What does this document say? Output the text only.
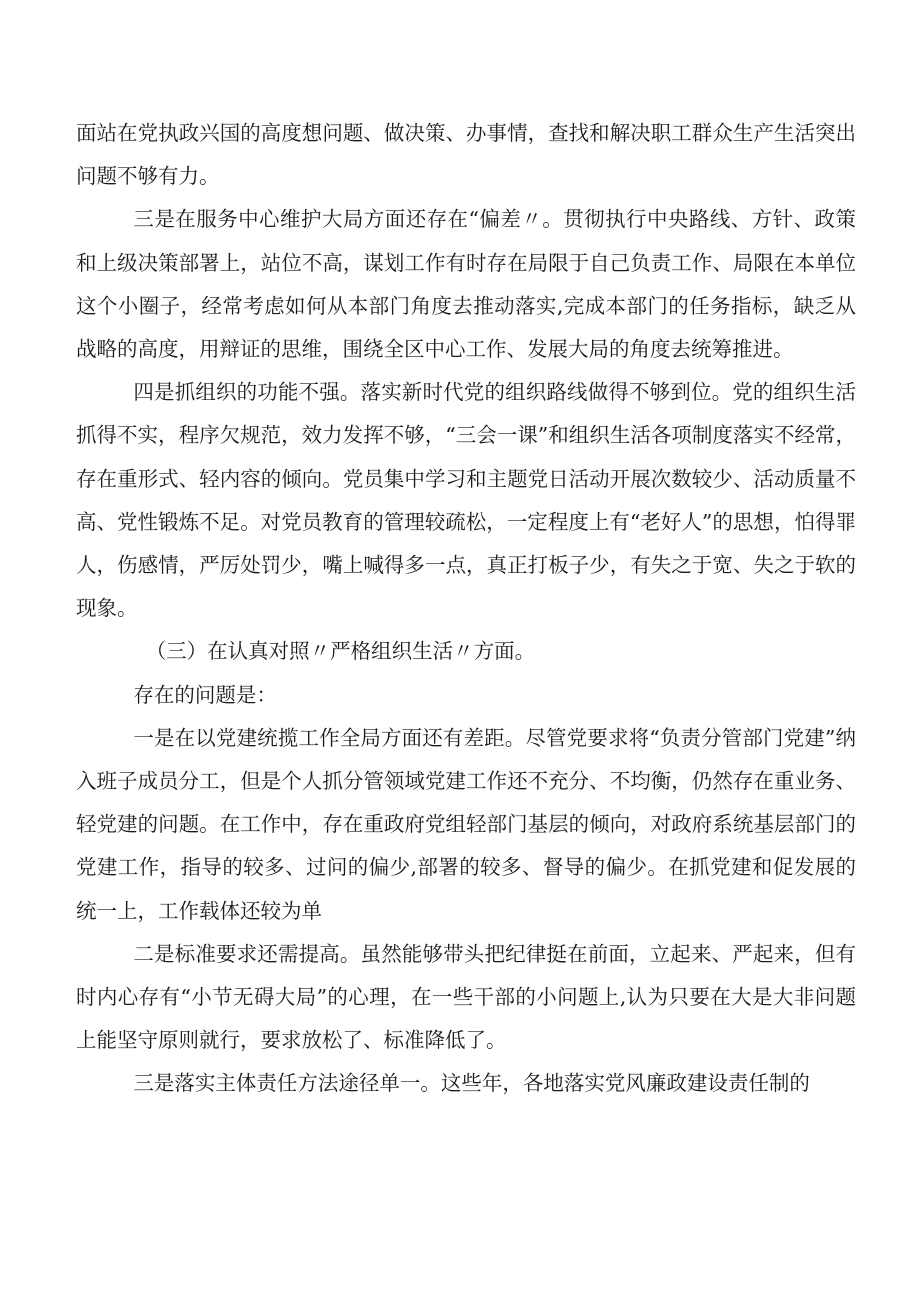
面站在党执政兴国的高度想问题、做决策、办事情，查找和解决职工群众生产生活突出问题不够有力。

三是在服务中心维护大局方面还存在“偏差〃。贯彻执行中央路线、方针、政策和上级决策部署上，站位不高，谋划工作有时存在局限于自己负责工作、局限在本单位这个小圈子，经常考虑如何从本部门角度去推动落实,完成本部门的任务指标，缺乏从战略的高度，用辩证的思维，围绕全区中心工作、发展大局的角度去统筹推进。

四是抓组织的功能不强。落实新时代党的组织路线做得不够到位。党的组织生活抓得不实，程序欠规范，效力发挥不够，“三会一课”和组织生活各项制度落实不经常，存在重形式、轻内容的倾向。党员集中学习和主题党日活动开展次数较少、活动质量不高、党性锻炼不足。对党员教育的管理较疏松，一定程度上有“老好人”的思想，怕得罪人，伤感情，严厉处罚少，嘴上喊得多一点，真正打板子少，有失之于宽、失之于软的现象。

（三）在认真对照〃严格组织生活〃方面。

存在的问题是：

一是在以党建统揽工作全局方面还有差距。尽管党要求将“负责分管部门党建”纳入班子成员分工，但是个人抓分管领域党建工作还不充分、不均衡，仍然存在重业务、轻党建的问题。在工作中，存在重政府党组轻部门基层的倾向，对政府系统基层部门的党建工作，指导的较多、过问的偏少,部署的较多、督导的偏少。在抓党建和促发展的统一上，工作载体还较为单

二是标准要求还需提高。虽然能够带头把纪律挺在前面，立起来、严起来，但有时内心存有“小节无碍大局”的心理，在一些干部的小问题上,认为只要在大是大非问题上能坚守原则就行，要求放松了、标准降低了。

三是落实主体责任方法途径单一。这些年，各地落实党风廉政建设责任制的
